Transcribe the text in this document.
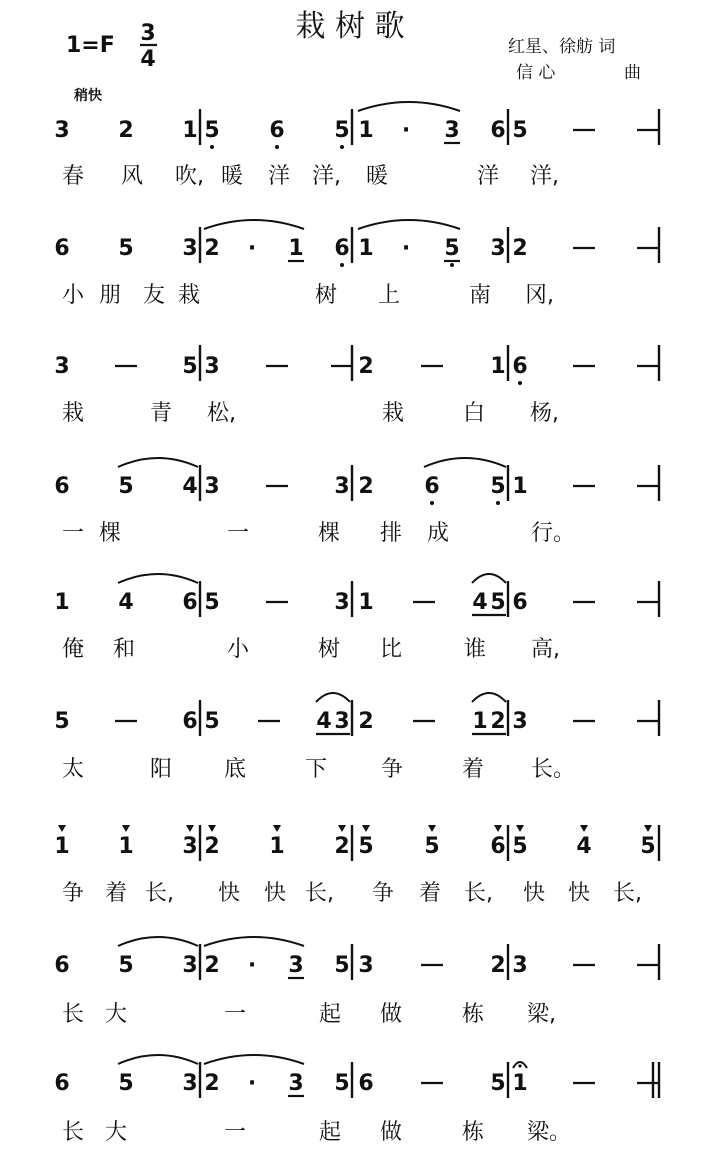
栽 树 歌
1=F 3
4	红星、徐舫 词
信 心	曲
稍快
3 2 1 5 6 5 1 · 3 6 5
春 风 吹, 暖 洋 洋, 暖	洋 洋,
6 5 3 2 · 1 6 1 · 5 3 2
小 朋 友 栽	树 上	南 冈,
3	5 3	2	1 6
栽	青 松,	栽	白 杨,
6 5 4 3	3 2 6 5 1
一 棵	一	棵 排 成	行。
1 4 6 5	3 1	4 5 6
俺 和	小	树 比	谁 高,
5	6 5	4 3 2	1 2 3
太	阳 底	下 争	着 长。
1 1 3 2 1 2 5 5 6 5 4 5
争 着 长, 快 快 长, 争 着 长, 快 快 长,
6 5 3 2 · 3 5 3	2 3
长 大	一	起 做	栋 梁,
6 5 3 2 · 3 5 6	5 1
长 大	一	起 做	栋 梁。
